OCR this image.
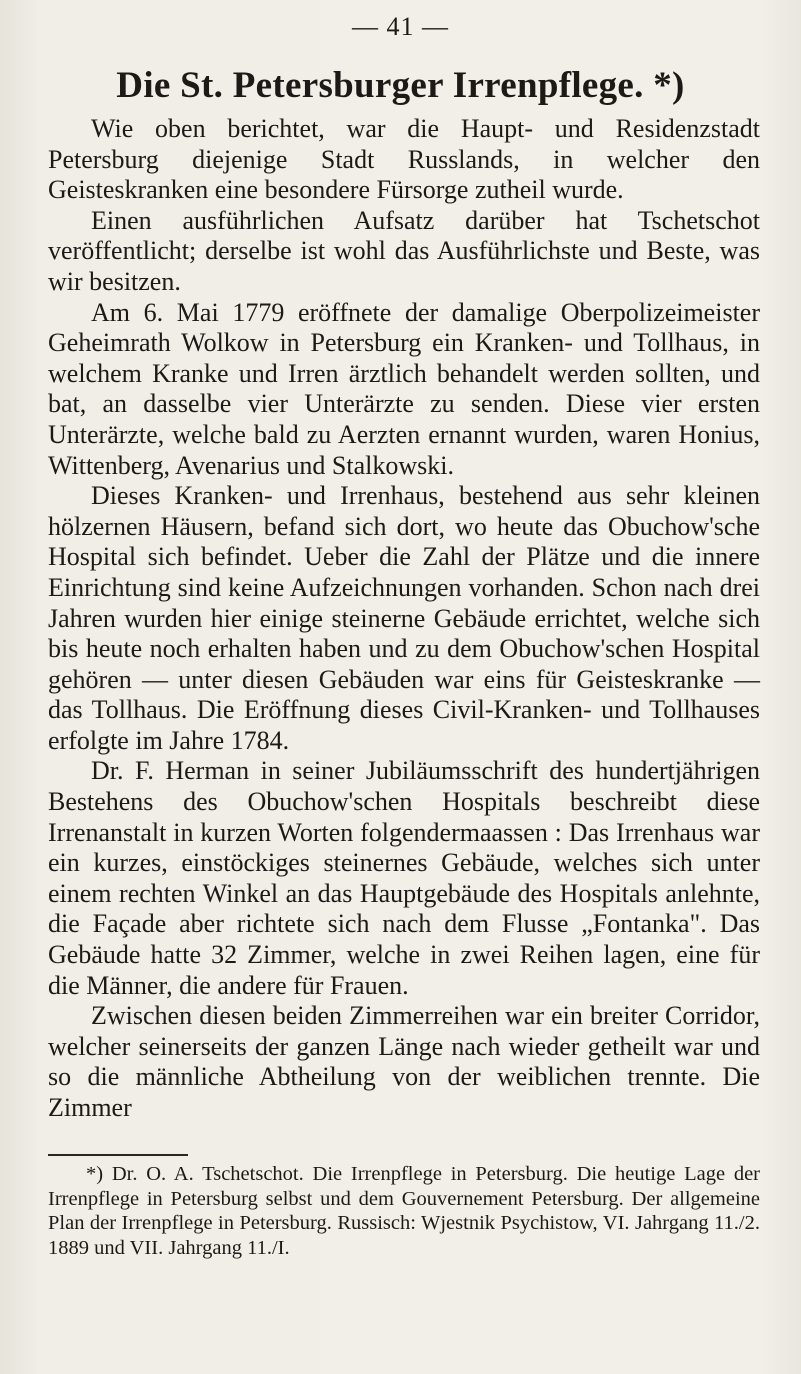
— 41 —
Die St. Petersburger Irrenpflege. *)

Wie oben berichtet, war die Haupt- und Residenzstadt Petersburg diejenige Stadt Russlands, in welcher den Geisteskranken eine besondere Fürsorge zutheil wurde.

Einen ausführlichen Aufsatz darüber hat Tschetschot veröffentlicht; derselbe ist wohl das Ausführlichste und Beste, was wir besitzen.

Am 6. Mai 1779 eröffnete der damalige Oberpolizeimeister Geheimrath Wolkow in Petersburg ein Kranken- und Tollhaus, in welchem Kranke und Irren ärztlich behandelt werden sollten, und bat, an dasselbe vier Unterärzte zu senden. Diese vier ersten Unterärzte, welche bald zu Aerzten ernannt wurden, waren Honius, Wittenberg, Avenarius und Stalkowski.

Dieses Kranken- und Irrenhaus, bestehend aus sehr kleinen hölzernen Häusern, befand sich dort, wo heute das Obuchow'sche Hospital sich befindet. Ueber die Zahl der Plätze und die innere Einrichtung sind keine Aufzeichnungen vorhanden. Schon nach drei Jahren wurden hier einige steinerne Gebäude errichtet, welche sich bis heute noch erhalten haben und zu dem Obuchow'schen Hospital gehören — unter diesen Gebäuden war eins für Geisteskranke — das Tollhaus. Die Eröffnung dieses Civil-Kranken- und Tollhauses erfolgte im Jahre 1784.

Dr. F. Herman in seiner Jubiläumsschrift des hundertjährigen Bestehens des Obuchow'schen Hospitals beschreibt diese Irrenanstalt in kurzen Worten folgendermaassen : Das Irrenhaus war ein kurzes, einstöckiges steinernes Gebäude, welches sich unter einem rechten Winkel an das Hauptgebäude des Hospitals anlehnte, die Façade aber richtete sich nach dem Flusse „Fontanka". Das Gebäude hatte 32 Zimmer, welche in zwei Reihen lagen, eine für die Männer, die andere für Frauen.

Zwischen diesen beiden Zimmerreihen war ein breiter Corridor, welcher seinerseits der ganzen Länge nach wieder getheilt war und so die männliche Abtheilung von der weiblichen trennte. Die Zimmer

*) Dr. O. A. Tschetschot. Die Irrenpflege in Petersburg. Die heutige Lage der Irrenpflege in Petersburg selbst und dem Gouvernement Petersburg. Der allgemeine Plan der Irrenpflege in Petersburg. Russisch: Wjestnik Psychistow, VI. Jahrgang 11./2. 1889 und VII. Jahrgang 11./I.
